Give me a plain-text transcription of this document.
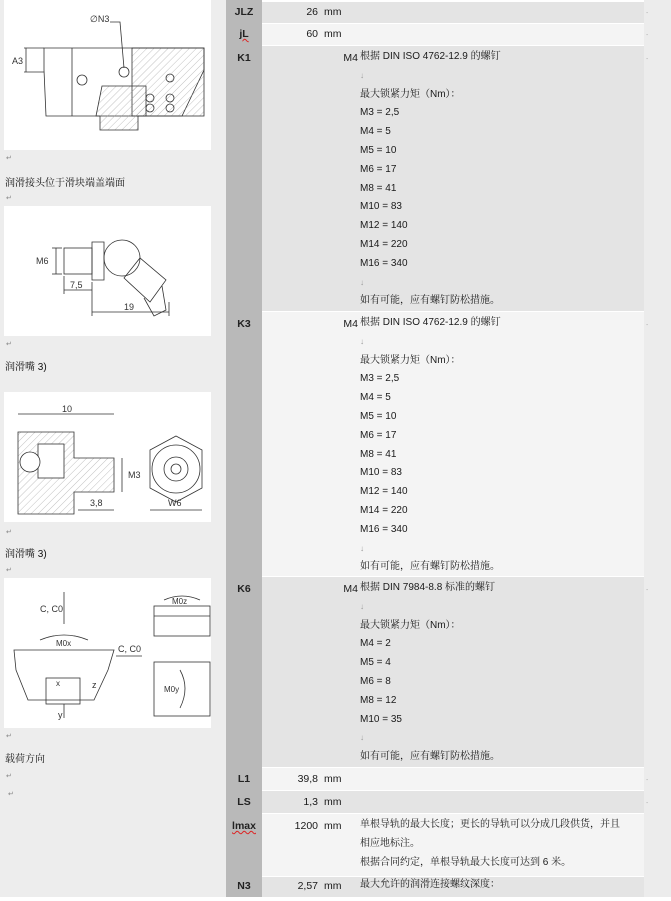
A3
∅N3
↵
润滑接头位于滑块端盖端面
↵
M6
7,5
19
↵
润滑嘴 3)
10
M3
3,8	W6
↵
润滑嘴 3)
↵
C, C0
M0x
C, C0
M0z
M0y
x	z
y
↵
载荷方向
↵
↵
JLZ	26 mm	⸳
jL	60 mm	⸳
K1	M4 根据 DIN ISO 4762-12.9 的螺钉
↓
最大锁紧力矩（Nm）：
M3 = 2,5
M4 = 5
M5 = 10
M6 = 17
M8 = 41
M10 = 83
M12 = 140
M14 = 220
M16 = 340
↓
如有可能，应有螺钉防松措施。
⸳
K3	M4 根据 DIN ISO 4762-12.9 的螺钉
↓
最大锁紧力矩（Nm）：
M3 = 2,5
M4 = 5
M5 = 10
M6 = 17
M8 = 41
M10 = 83
M12 = 140
M14 = 220
M16 = 340
↓
如有可能，应有螺钉防松措施。
⸳
K6	M4 根据 DIN 7984-8.8 标准的螺钉
↓
最大锁紧力矩（Nm）：
M4 = 2
M5 = 4
M6 = 8
M8 = 12
M10 = 35
↓
如有可能，应有螺钉防松措施。
⸳
L1	39,8 mm	⸳
LS	1,3 mm	⸳
lmax	1200 mm 单根导轨的最大长度；更长的导轨可以分成几段供货，并且
相应地标注。
根据合同约定，单根导轨最大长度可达到 6 米。
N3	2,57 mm 最大允许的润滑连接螺纹深度：
